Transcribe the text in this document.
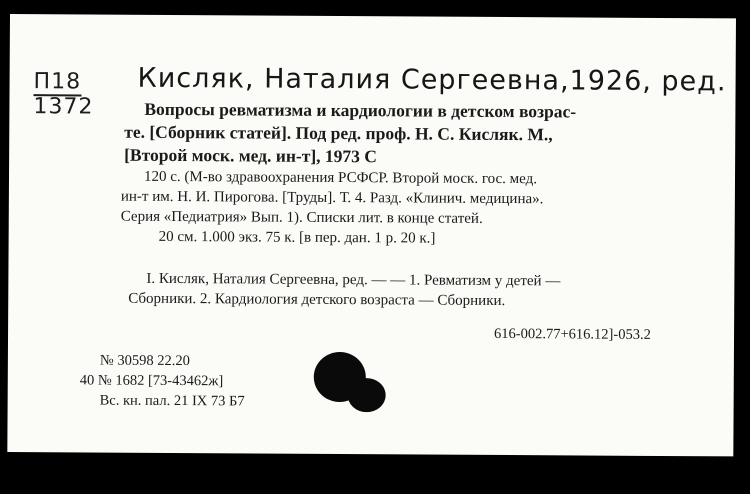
П18
1372
Кисляк, Наталия Сергеевна,1926, ред.
Вопросы ревматизма и кардиологии в детском возрас-
те. [Сборник статей]. Под ред. проф. Н. С. Кисляк. М.,
[Второй моск. мед. ин-т], 1973 С
120 с. (М-во здравоохранения РСФСР. Второй моск. гос. мед.
ин-т им. Н. И. Пирогова. [Труды]. Т. 4. Разд. «Клинич. медицина».
Серия «Педиатрия» Вып. 1). Списки лит. в конце статей.
20 см. 1.000 экз. 75 к. [в пер. дан. 1 р. 20 к.]
I. Кисляк, Наталия Сергеевна, ред. — — 1. Ревматизм у детей —
Сборники. 2. Кардиология детского возраста — Сборники.
616-002.77+616.12]-053.2
№ 30598 22.20
40 № 1682 [73-43462ж]
Вс. кн. пал. 21 IX 73 Б7
